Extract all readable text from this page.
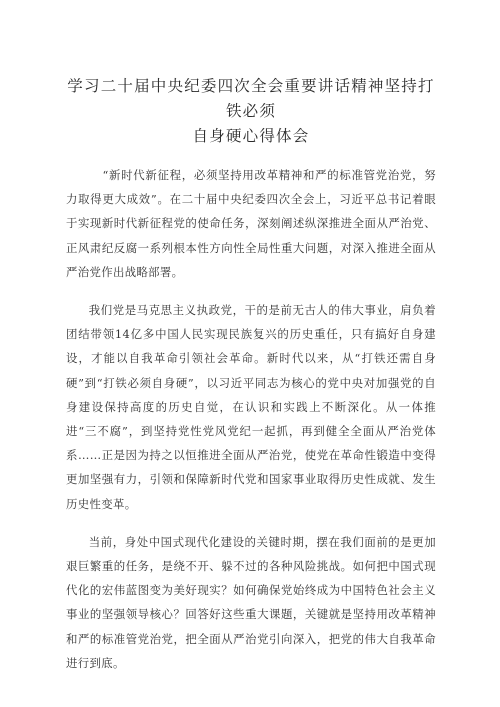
学习二十届中央纪委四次全会重要讲话精神坚持打铁必须
自身硬心得体会

“新时代新征程，必须坚持用改革精神和严的标准管党治党，努力取得更大成效”。在二十届中央纪委四次全会上，习近平总书记着眼于实现新时代新征程党的使命任务，深刻阐述纵深推进全面从严治党、正风肃纪反腐一系列根本性方向性全局性重大问题，对深入推进全面从严治党作出战略部署。

我们党是马克思主义执政党，干的是前无古人的伟大事业，肩负着团结带领14亿多中国人民实现民族复兴的历史重任，只有搞好自身建设，才能以自我革命引领社会革命。新时代以来，从“打铁还需自身硬”到“打铁必须自身硬”，以习近平同志为核心的党中央对加强党的自身建设保持高度的历史自觉，在认识和实践上不断深化。从一体推进“三不腐”，到坚持党性党风党纪一起抓，再到健全全面从严治党体系……正是因为持之以恒推进全面从严治党，使党在革命性锻造中变得更加坚强有力，引领和保障新时代党和国家事业取得历史性成就、发生历史性变革。

当前，身处中国式现代化建设的关键时期，摆在我们面前的是更加艰巨繁重的任务，是绕不开、躲不过的各种风险挑战。如何把中国式现代化的宏伟蓝图变为美好现实？如何确保党始终成为中国特色社会主义事业的坚强领导核心？回答好这些重大课题，关键就是坚持用改革精神和严的标准管党治党，把全面从严治党引向深入，把党的伟大自我革命进行到底。
